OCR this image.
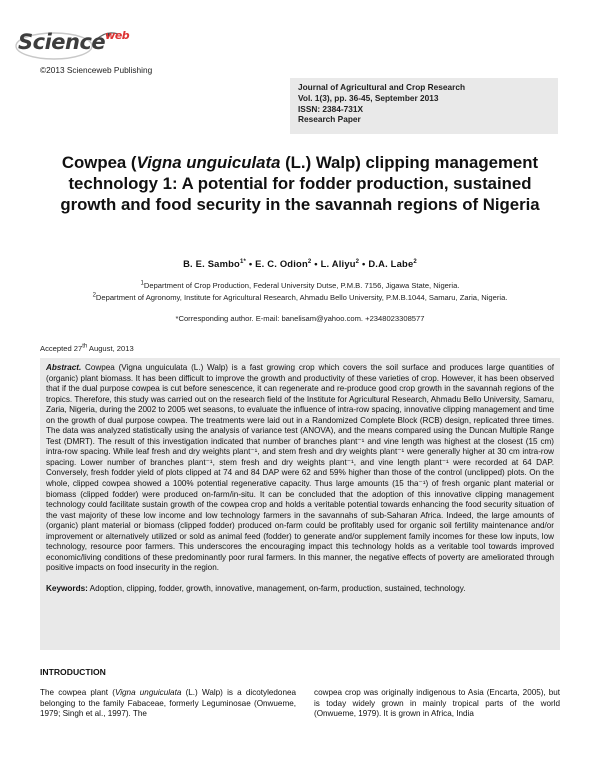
Science$^{web}$
©2013 Scienceweb Publishing
Journal of Agricultural and Crop Research
Vol. 1(3), pp. 36-45, September 2013
ISSN: 2384-731X
Research Paper
Cowpea (Vigna unguiculata (L.) Walp) clipping management technology 1: A potential for fodder production, sustained growth and food security in the savannah regions of Nigeria
B. E. Sambo$^{1*}$ • E. C. Odion$^2$ • L. Aliyu$^2$ • D.A. Labe$^2$
$^1$Department of Crop Production, Federal University Dutse, P.M.B. 7156, Jigawa State, Nigeria.
$^2$Department of Agronomy, Institute for Agricultural Research, Ahmadu Bello University, P.M.B.1044, Samaru, Zaria, Nigeria.
*Corresponding author. E-mail: banelisam@yahoo.com. +2348023308577
Accepted 27th August, 2013
Abstract. Cowpea (Vigna unguiculata (L.) Walp) is a fast growing crop which covers the soil surface and produces large quantities of (organic) plant biomass. It has been difficult to improve the growth and productivity of these varieties of crop. However, it has been observed that if the dual purpose cowpea is cut before senescence, it can regenerate and re-produce good crop growth in the savannah regions of the tropics. Therefore, this study was carried out on the research field of the Institute for Agricultural Research, Ahmadu Bello University, Samaru, Zaria, Nigeria, during the 2002 to 2005 wet seasons, to evaluate the influence of intra-row spacing, innovative clipping management and time on the growth of dual purpose cowpea. The treatments were laid out in a Randomized Complete Block (RCB) design, replicated three times. The data was analyzed statistically using the analysis of variance test (ANOVA), and the means compared using the Duncan Multiple Range Test (DMRT). The result of this investigation indicated that number of branches plant⁻¹ and vine length was highest at the closest (15 cm) intra-row spacing. While leaf fresh and dry weights plant⁻¹, and stem fresh and dry weights plant⁻¹ were generally higher at 30 cm intra-row spacing. Lower number of branches plant⁻¹, stem fresh and dry weights plant⁻¹, and vine length plant⁻¹ were recorded at 64 DAP. Conversely, fresh fodder yield of plots clipped at 74 and 84 DAP were 62 and 59% higher than those of the control (unclipped) plots. On the whole, clipped cowpea showed a 100% potential regenerative capacity. Thus large amounts (15 tha⁻¹) of fresh organic plant material or biomass (clipped fodder) were produced on-farm/in-situ. It can be concluded that the adoption of this innovative clipping management technology could facilitate sustain growth of the cowpea crop and holds a veritable potential towards enhancing the food security situation of the vast majority of these low income and low technology farmers in the savannahs of sub-Saharan Africa. Indeed, the large amounts of (organic) plant material or biomass (clipped fodder) produced on-farm could be profitably used for organic soil fertility maintenance and/or improvement or alternatively utilized or sold as animal feed (fodder) to generate and/or supplement family incomes for these low inputs, low technology, resource poor farmers. This underscores the encouraging impact this technology holds as a veritable tool towards improved economic/living conditions of these predominantly poor rural farmers. In this manner, the negative effects of poverty are ameliorated through positive impacts on food insecurity in the region.
Keywords: Adoption, clipping, fodder, growth, innovative, management, on-farm, production, sustained, technology.
INTRODUCTION
The cowpea plant (Vigna unguiculata (L.) Walp) is a dicotyledonea belonging to the family Fabaceae, formerly Leguminosae (Onwueme, 1979; Singh et al., 1997). The
cowpea crop was originally indigenous to Asia (Encarta, 2005), but is today widely grown in mainly tropical parts of the world (Onwueme, 1979). It is grown in Africa, India
